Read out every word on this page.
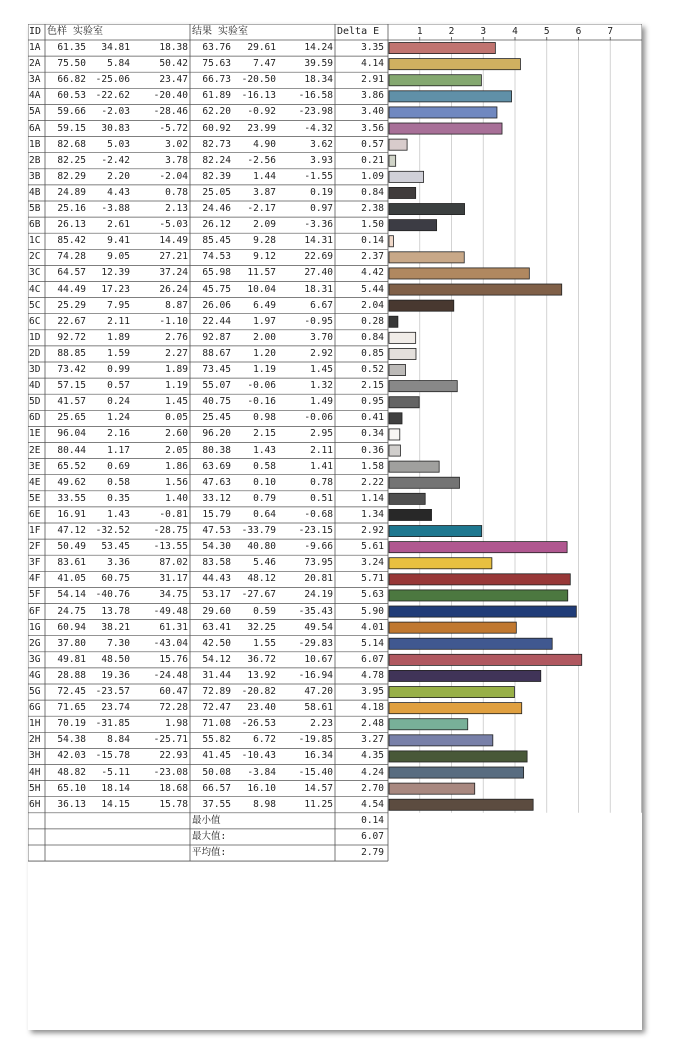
ID 色样 实验室	结果 实验室	Delta E	1	2	3	4	5	6	7
1A	61.35	34.81	18.38	63.76	29.61	14.24	3.35
2A	75.50	5.84	50.42	75.63	7.47	39.59	4.14
3A	66.82	-25.06	23.47	66.73	-20.50	18.34	2.91
4A	60.53	-22.62	-20.40	61.89	-16.13	-16.58	3.86
5A	59.66	-2.03	-28.46	62.20	-0.92	-23.98	3.40
6A	59.15	30.83	-5.72	60.92	23.99	-4.32	3.56
1B	82.68	5.03	3.02	82.73	4.90	3.62	0.57
2B	82.25	-2.42	3.78	82.24	-2.56	3.93	0.21
3B	82.29	2.20	-2.04	82.39	1.44	-1.55	1.09
4B	24.89	4.43	0.78	25.05	3.87	0.19	0.84
5B	25.16	-3.88	2.13	24.46	-2.17	0.97	2.38
6B	26.13	2.61	-5.03	26.12	2.09	-3.36	1.50
1C	85.42	9.41	14.49	85.45	9.28	14.31	0.14
2C	74.28	9.05	27.21	74.53	9.12	22.69	2.37
3C	64.57	12.39	37.24	65.98	11.57	27.40	4.42
4C	44.49	17.23	26.24	45.75	10.04	18.31	5.44
5C	25.29	7.95	8.87	26.06	6.49	6.67	2.04
6C	22.67	2.11	-1.10	22.44	1.97	-0.95	0.28
1D	92.72	1.89	2.76	92.87	2.00	3.70	0.84
2D	88.85	1.59	2.27	88.67	1.20	2.92	0.85
3D	73.42	0.99	1.89	73.45	1.19	1.45	0.52
4D	57.15	0.57	1.19	55.07	-0.06	1.32	2.15
5D	41.57	0.24	1.45	40.75	-0.16	1.49	0.95
6D	25.65	1.24	0.05	25.45	0.98	-0.06	0.41
1E	96.04	2.16	2.60	96.20	2.15	2.95	0.34
2E	80.44	1.17	2.05	80.38	1.43	2.11	0.36
3E	65.52	0.69	1.86	63.69	0.58	1.41	1.58
4E	49.62	0.58	1.56	47.63	0.10	0.78	2.22
5E	33.55	0.35	1.40	33.12	0.79	0.51	1.14
6E	16.91	1.43	-0.81	15.79	0.64	-0.68	1.34
1F	47.12	-32.52	-28.75	47.53	-33.79	-23.15	2.92
2F	50.49	53.45	-13.55	54.30	40.80	-9.66	5.61
3F	83.61	3.36	87.02	83.58	5.46	73.95	3.24
4F	41.05	60.75	31.17	44.43	48.12	20.81	5.71
5F	54.14	-40.76	34.75	53.17	-27.67	24.19	5.63
6F	24.75	13.78	-49.48	29.60	0.59	-35.43	5.90
1G	60.94	38.21	61.31	63.41	32.25	49.54	4.01
2G	37.80	7.30	-43.04	42.50	1.55	-29.83	5.14
3G	49.81	48.50	15.76	54.12	36.72	10.67	6.07
4G	28.88	19.36	-24.48	31.44	13.92	-16.94	4.78
5G	72.45	-23.57	60.47	72.89	-20.82	47.20	3.95
6G	71.65	23.74	72.28	72.47	23.40	58.61	4.18
1H	70.19	-31.85	1.98	71.08	-26.53	2.23	2.48
2H	54.38	8.84	-25.71	55.82	6.72	-19.85	3.27
3H	42.03	-15.78	22.93	41.45	-10.43	16.34	4.35
4H	48.82	-5.11	-23.08	50.08	-3.84	-15.40	4.24
5H	65.10	18.14	18.68	66.57	16.10	14.57	2.70
6H	36.13	14.15	15.78	37.55	8.98	11.25	4.54
最小值	0.14
最大值:	6.07
平均值:	2.79
